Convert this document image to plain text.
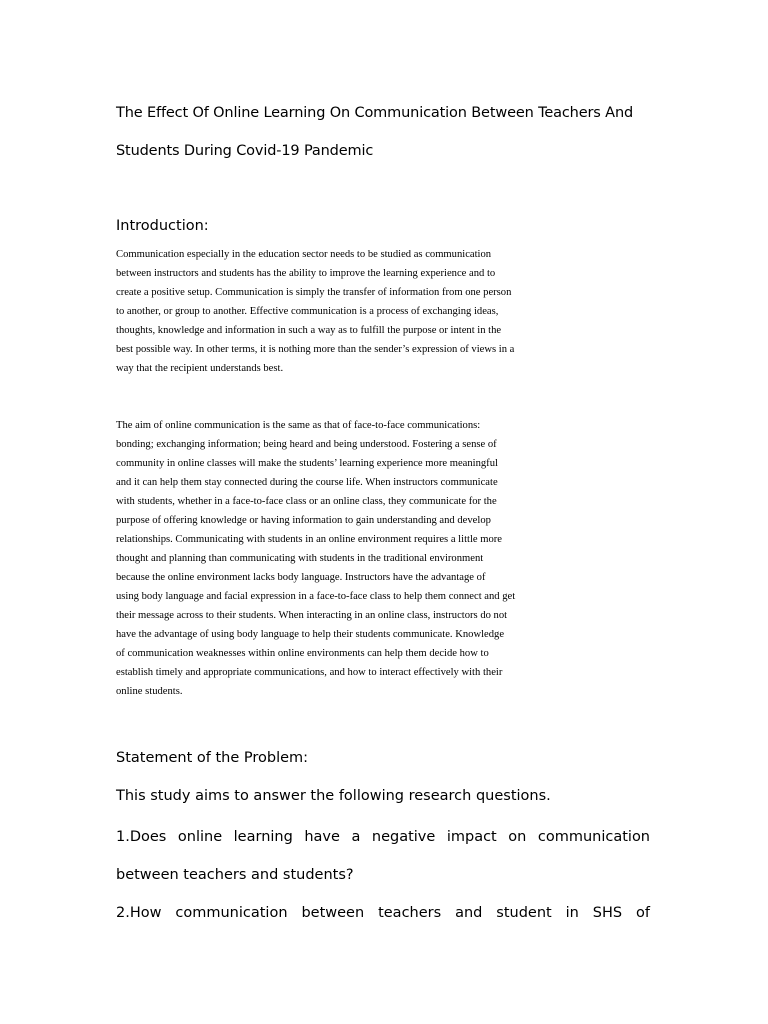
The Effect Of Online Learning On Communication Between Teachers And
Students During Covid-19 Pandemic
Introduction:

Communication especially in the education sector needs to be studied as communication
between instructors and students has the ability to improve the learning experience and to
create a positive setup. Communication is simply the transfer of information from one person
to another, or group to another. Effective communication is a process of exchanging ideas,
thoughts, knowledge and information in such a way as to fulfill the purpose or intent in the
best possible way. In other terms, it is nothing more than the sender’s expression of views in a
way that the recipient understands best.

The aim of online communication is the same as that of face-to-face communications:
bonding; exchanging information; being heard and being understood. Fostering a sense of
community in online classes will make the students’ learning experience more meaningful
and it can help them stay connected during the course life. When instructors communicate
with students, whether in a face-to-face class or an online class, they communicate for the
purpose of offering knowledge or having information to gain understanding and develop
relationships. Communicating with students in an online environment requires a little more
thought and planning than communicating with students in the traditional environment
because the online environment lacks body language. Instructors have the advantage of
using body language and facial expression in a face-to-face class to help them connect and get
their message across to their students. When interacting in an online class, instructors do not
have the advantage of using body language to help their students communicate. Knowledge
of communication weaknesses within online environments can help them decide how to
establish timely and appropriate communications, and how to interact effectively with their
online students.

Statement of the Problem:

This study aims to answer the following research questions.

1.Does online learning have a negative impact on communication
between teachers and students?
2.How communication between teachers and student in SHS of
